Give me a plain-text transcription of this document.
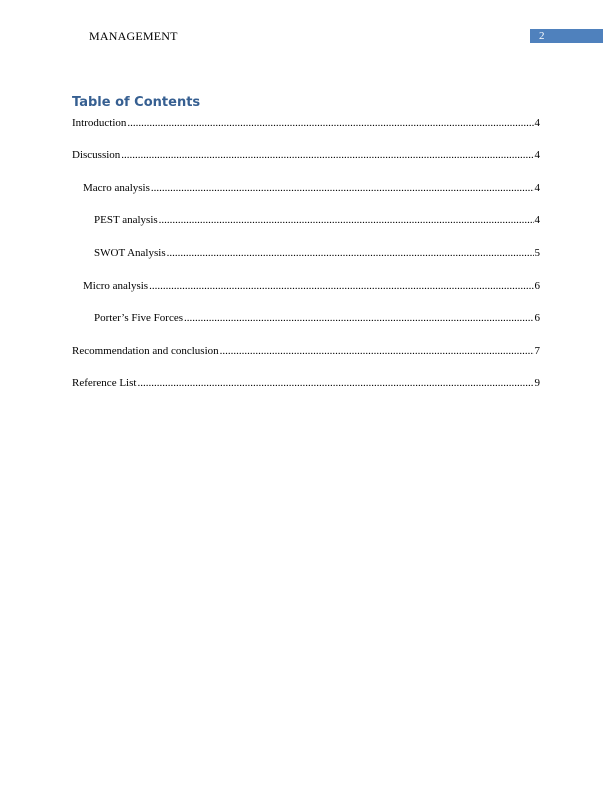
MANAGEMENT	2
Table of Contents
Introduction .....	4
Discussion .....	4
Macro analysis .....	4
PEST analysis .....	4
SWOT Analysis .....	5
Micro analysis .....	6
Porter’s Five Forces .....	6
Recommendation and conclusion .....	7
Reference List .....	9
